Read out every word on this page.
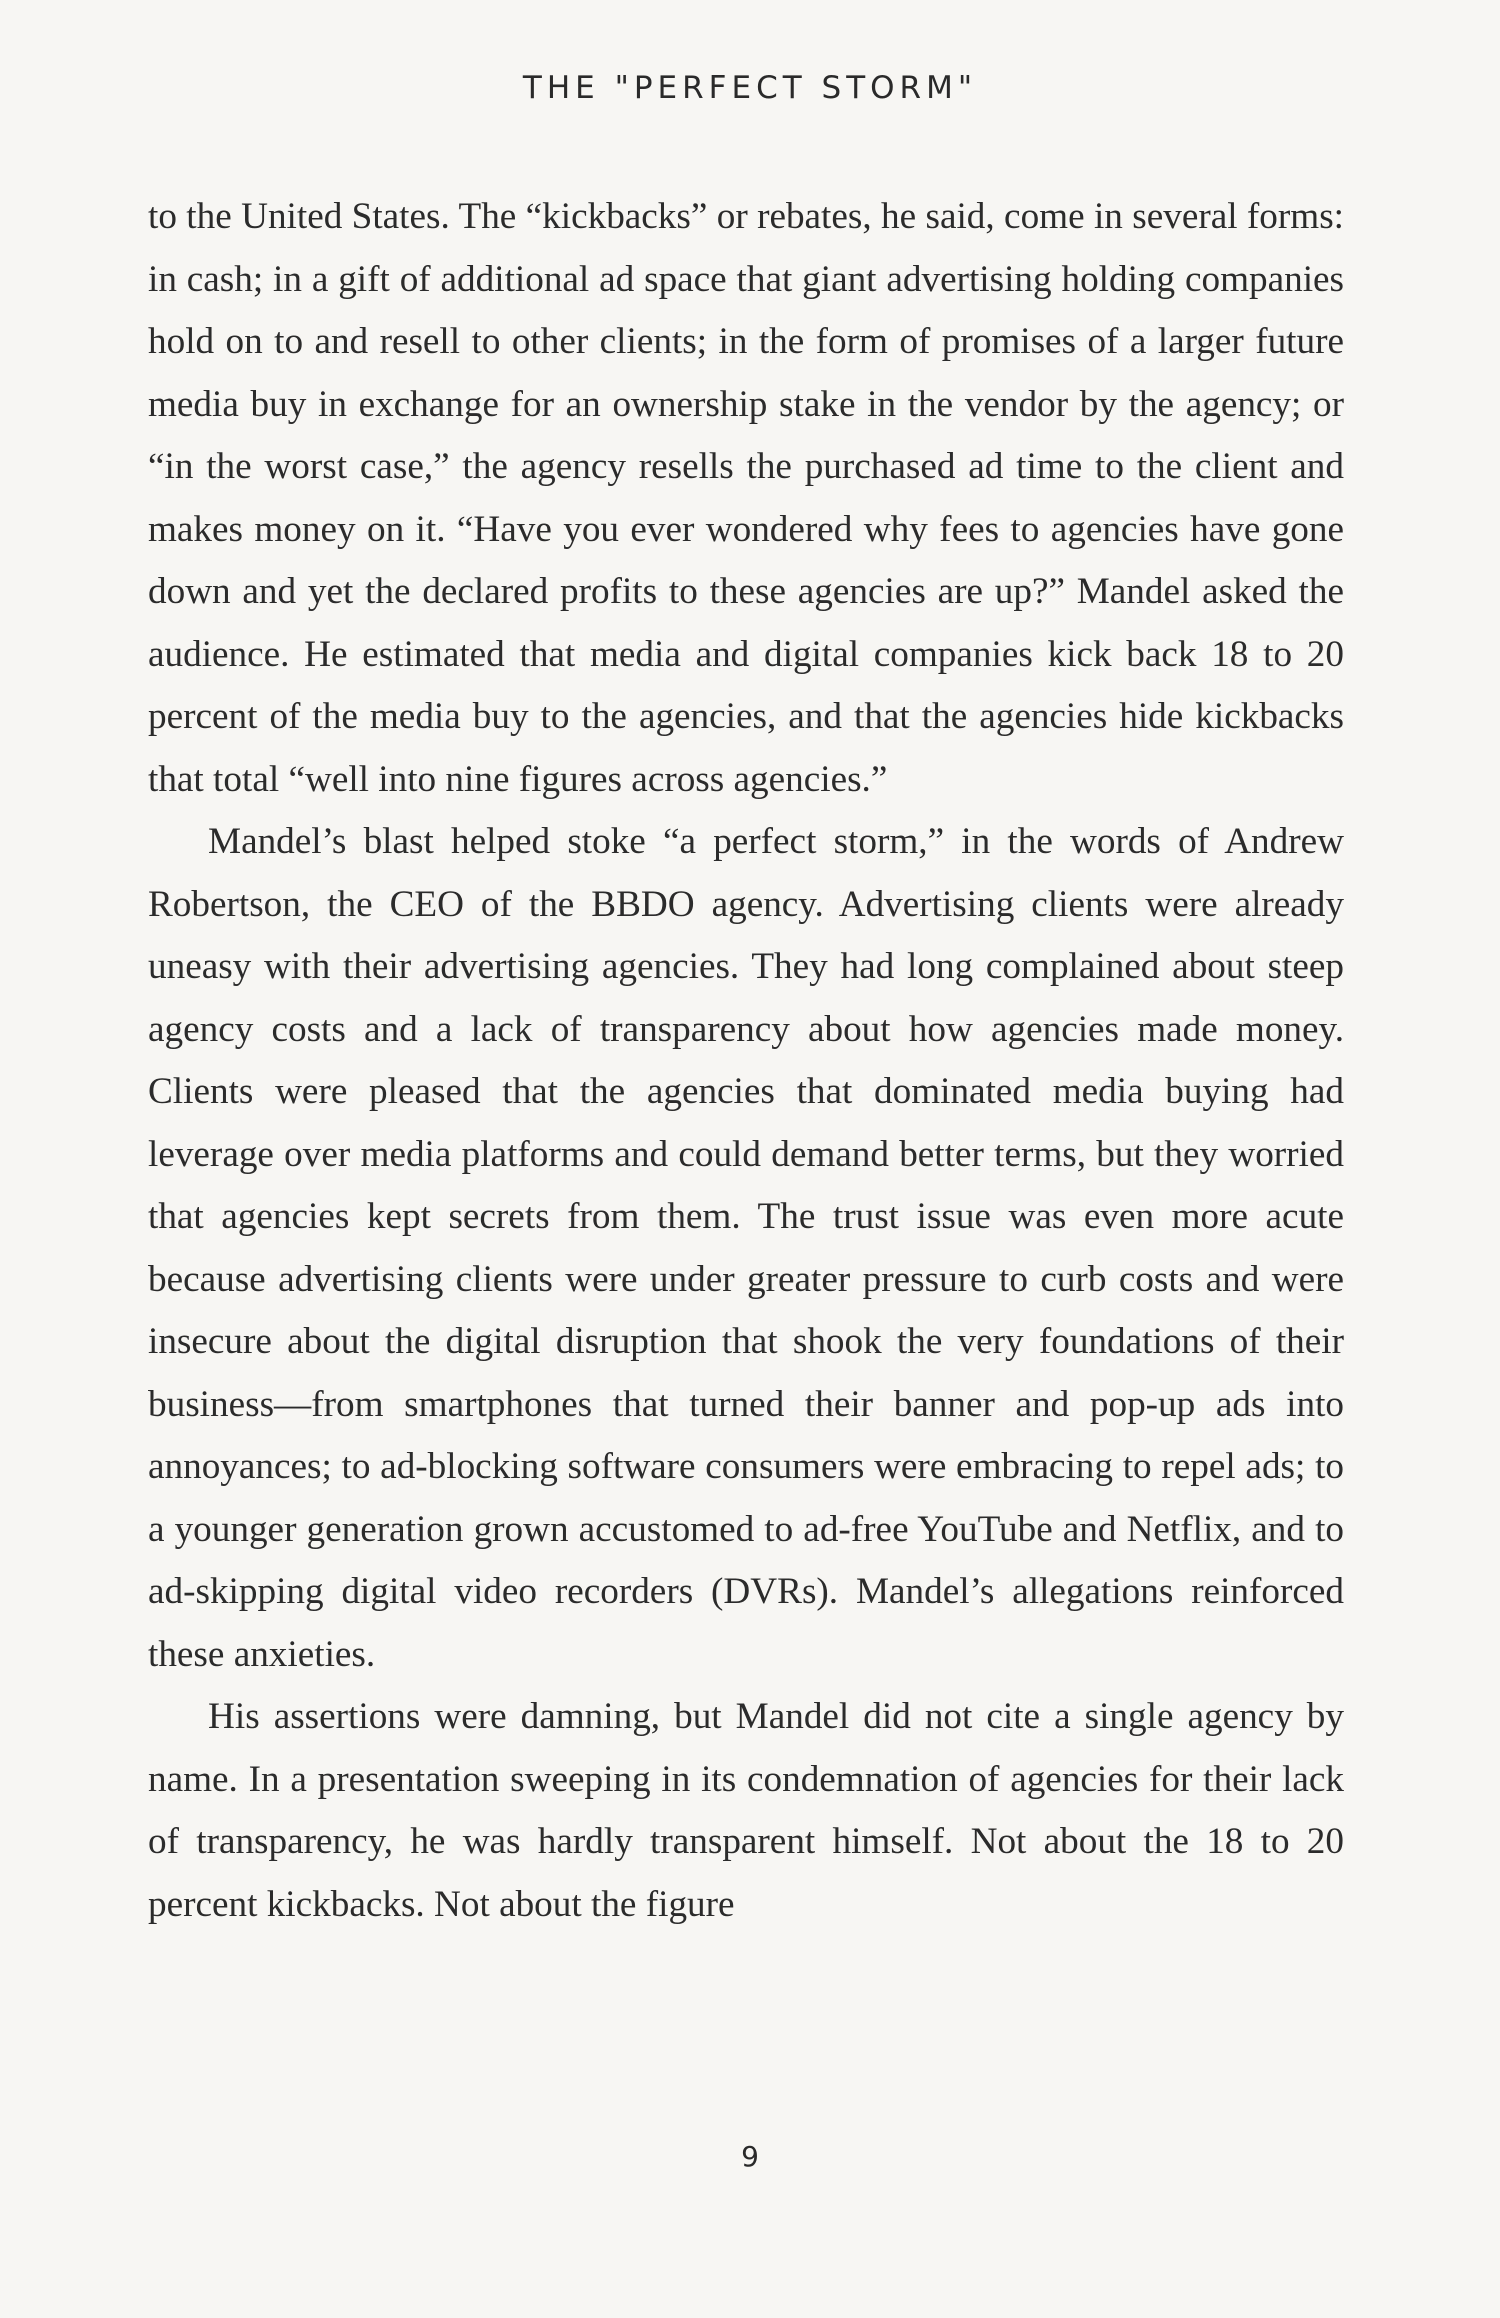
THE "PERFECT STORM"

to the United States. The “kickbacks” or rebates, he said, come in several forms: in cash; in a gift of additional ad space that giant advertising holding companies hold on to and resell to other clients; in the form of promises of a larger future media buy in exchange for an ownership stake in the vendor by the agency; or “in the worst case,” the agency resells the purchased ad time to the client and makes money on it. “Have you ever wondered why fees to agencies have gone down and yet the declared profits to these agencies are up?” Mandel asked the audience. He estimated that media and digital companies kick back 18 to 20 percent of the media buy to the agencies, and that the agencies hide kickbacks that total “well into nine figures across agencies.”

Mandel’s blast helped stoke “a perfect storm,” in the words of Andrew Robertson, the CEO of the BBDO agency. Advertising clients were already uneasy with their advertising agencies. They had long complained about steep agency costs and a lack of transparency about how agencies made money. Clients were pleased that the agencies that dominated media buying had leverage over media platforms and could demand better terms, but they worried that agencies kept secrets from them. The trust issue was even more acute because advertising clients were under greater pressure to curb costs and were insecure about the digital disruption that shook the very foundations of their business—from smartphones that turned their banner and pop-up ads into annoyances; to ad-blocking software consumers were embracing to repel ads; to a younger generation grown accustomed to ad-free YouTube and Netflix, and to ad-skipping digital video recorders (DVRs). Mandel’s allegations reinforced these anxieties.

His assertions were damning, but Mandel did not cite a single agency by name. In a presentation sweeping in its condemnation of agencies for their lack of transparency, he was hardly transparent himself. Not about the 18 to 20 percent kickbacks. Not about the figure

9
